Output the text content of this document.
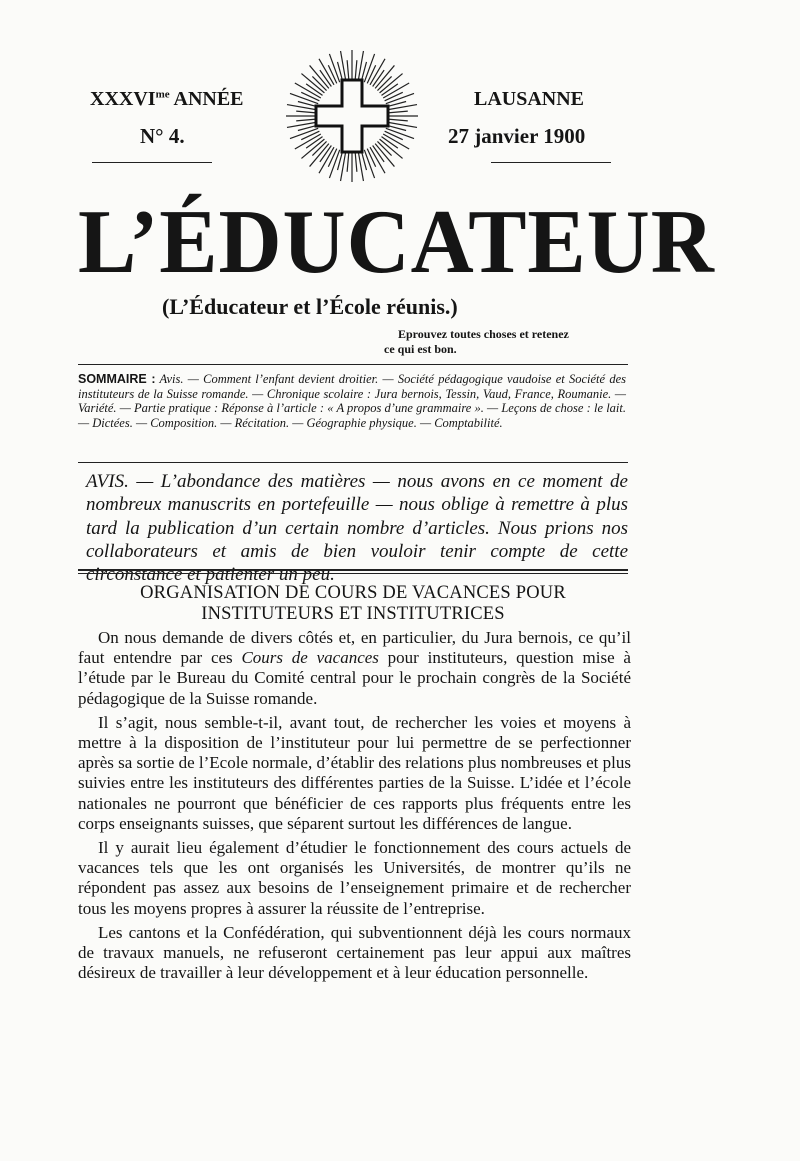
$XXXVI^{me}$ ANNÉE
N° 4.
LAUSANNE
27 janvier 1900
L’ÉDUCATEUR
(L’Éducateur et l’École réunis.)
Eprouvez toutes choses et retenez
ce qui est bon.
SOMMAIRE : Avis. — Comment l’enfant devient droitier. — Société pédagogique vaudoise et Société des instituteurs de la Suisse romande. — Chronique scolaire : Jura bernois, Tessin, Vaud, France, Roumanie. — Variété. — Partie pratique : Réponse à l’article : « A propos d’une grammaire ». — Leçons de chose : le lait. — Dictées. — Composition. — Récitation. — Géographie physique. — Comptabilité.
AVIS. — L’abondance des matières — nous avons en ce moment de nombreux manuscrits en portefeuille — nous oblige à remettre à plus tard la publication d’un certain nombre d’articles. Nous prions nos collaborateurs et amis de bien vouloir tenir compte de cette circonstance et patienter un peu.
ORGANISATION DE COURS DE VACANCES POUR
INSTITUTEURS ET INSTITUTRICES

On nous demande de divers côtés et, en particulier, du Jura bernois, ce qu’il faut entendre par ces Cours de vacances pour instituteurs, question mise à l’étude par le Bureau du Comité central pour le prochain congrès de la Société pédagogique de la Suisse romande.

Il s’agit, nous semble-t-il, avant tout, de rechercher les voies et moyens à mettre à la disposition de l’instituteur pour lui permettre de se perfectionner après sa sortie de l’Ecole normale, d’établir des relations plus nombreuses et plus suivies entre les instituteurs des différentes parties de la Suisse. L’idée et l’école nationales ne pourront que bénéficier de ces rapports plus fréquents entre les corps enseignants suisses, que séparent surtout les différences de langue.

Il y aurait lieu également d’étudier le fonctionnement des cours actuels de vacances tels que les ont organisés les Universités, de montrer qu’ils ne répondent pas assez aux besoins de l’enseignement primaire et de rechercher tous les moyens propres à assurer la réussite de l’entreprise.

Les cantons et la Confédération, qui subventionnent déjà les cours normaux de travaux manuels, ne refuseront certainement pas leur appui aux maîtres désireux de travailler à leur développement et à leur éducation personnelle.
